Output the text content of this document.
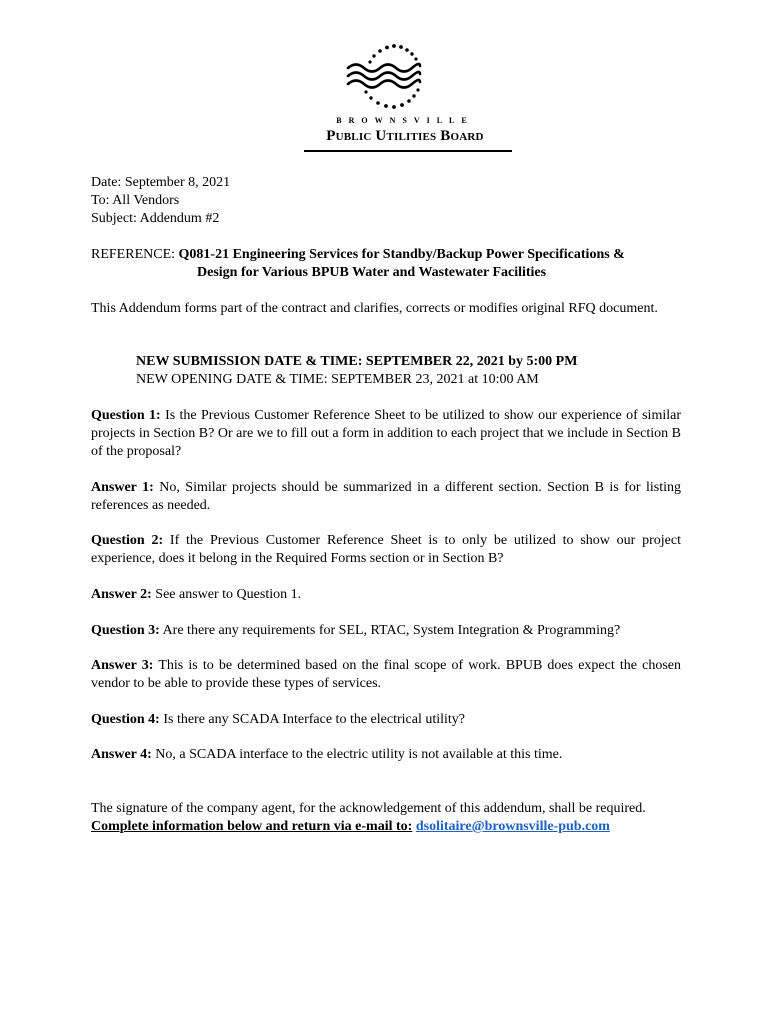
BROWNSVILLE
Public Utilities Board
Date: September 8, 2021
To: All Vendors
Subject: Addendum #2
REFERENCE: Q081-21 Engineering Services for Standby/Backup Power Specifications &
Design for Various BPUB Water and Wastewater Facilities
This Addendum forms part of the contract and clarifies, corrects or modifies original RFQ document.
NEW SUBMISSION DATE & TIME: SEPTEMBER 22, 2021 by 5:00 PM
NEW OPENING DATE & TIME: SEPTEMBER 23, 2021 at 10:00 AM
Question 1: Is the Previous Customer Reference Sheet to be utilized to show our experience of similar projects in Section B? Or are we to fill out a form in addition to each project that we include in Section B of the proposal?
Answer 1: No, Similar projects should be summarized in a different section. Section B is for listing references as needed.
Question 2: If the Previous Customer Reference Sheet is to only be utilized to show our project experience, does it belong in the Required Forms section or in Section B?
Answer 2: See answer to Question 1.
Question 3: Are there any requirements for SEL, RTAC, System Integration & Programming?
Answer 3: This is to be determined based on the final scope of work. BPUB does expect the chosen vendor to be able to provide these types of services.
Question 4: Is there any SCADA Interface to the electrical utility?
Answer 4: No, a SCADA interface to the electric utility is not available at this time.
The signature of the company agent, for the acknowledgement of this addendum, shall be required.
Complete information below and return via e-mail to: dsolitaire@brownsville-pub.com
